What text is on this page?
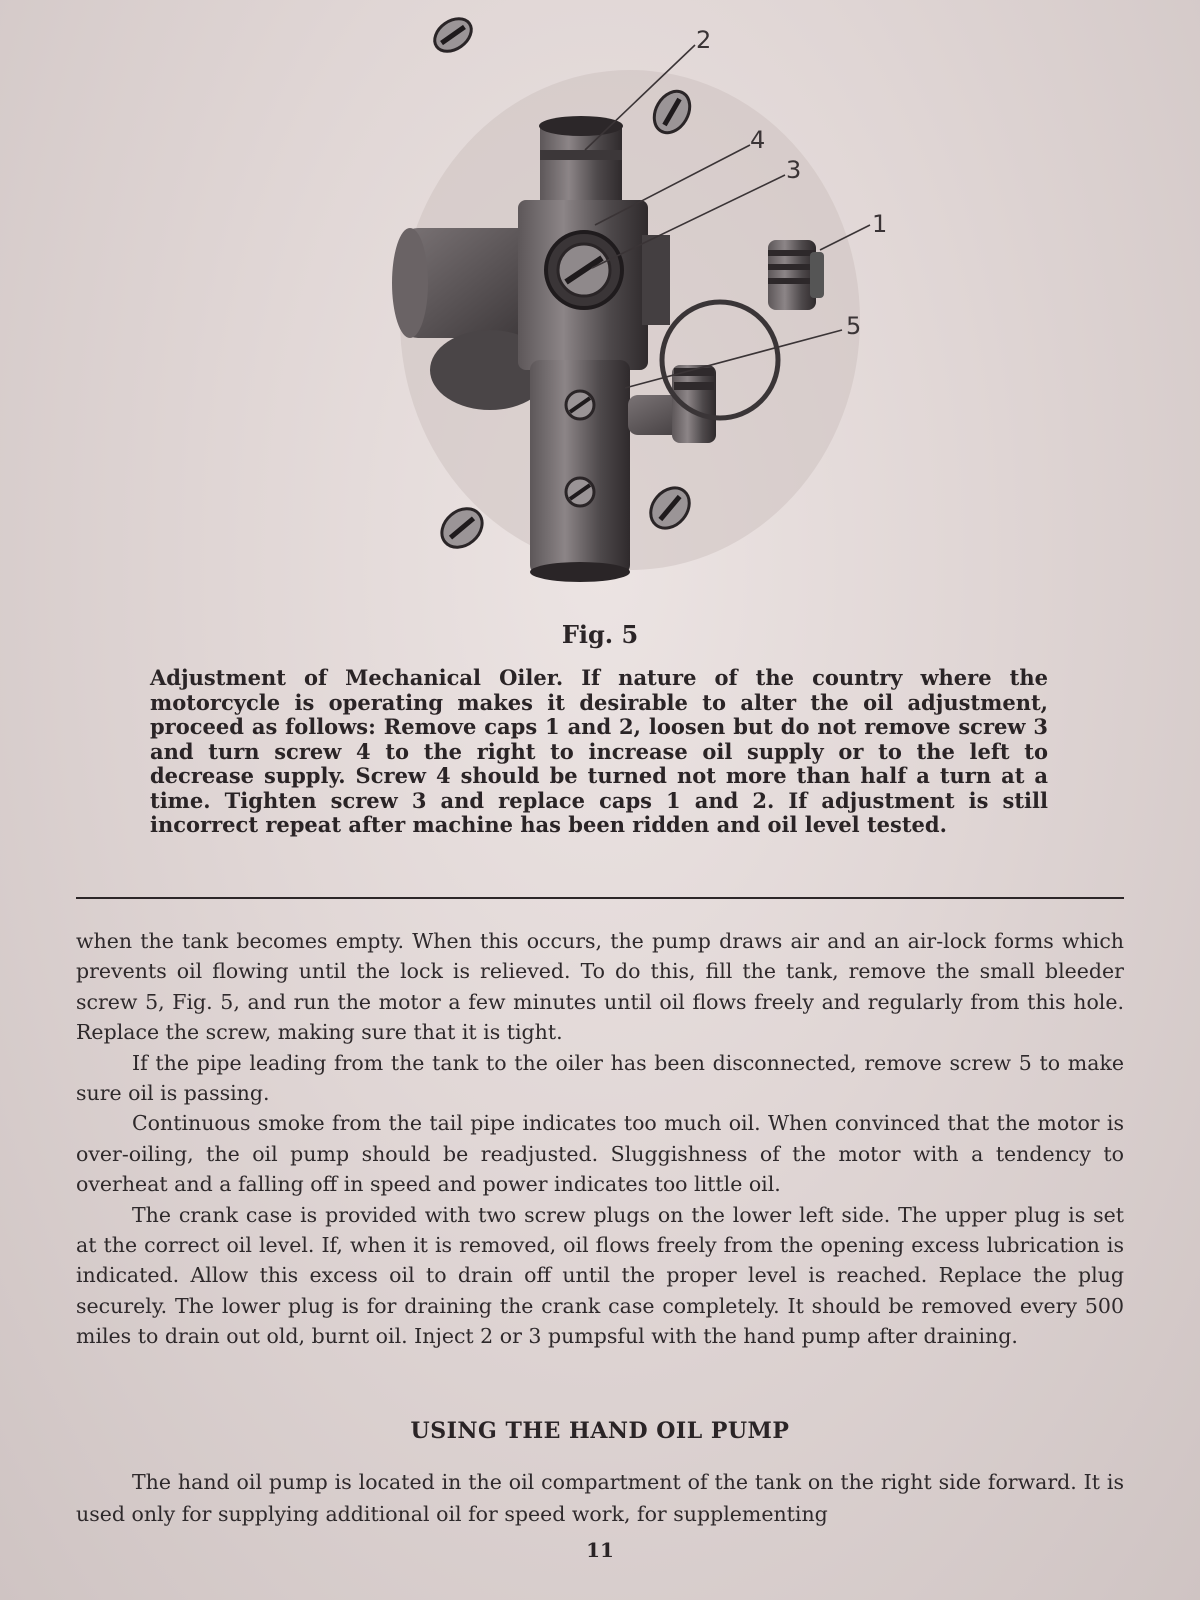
2
4
3
1
5
Fig. 5
Adjustment of Mechanical Oiler. If nature of the country where the motorcycle is operating makes it desirable to alter the oil adjustment, proceed as follows: Remove caps 1 and 2, loosen but do not remove screw 3 and turn screw 4 to the right to increase oil supply or to the left to decrease supply. Screw 4 should be turned not more than half a turn at a time. Tighten screw 3 and replace caps 1 and 2. If adjustment is still incorrect repeat after machine has been ridden and oil level tested.

when the tank becomes empty. When this occurs, the pump draws air and an air-lock forms which prevents oil flowing until the lock is relieved. To do this, fill the tank, remove the small bleeder screw 5, Fig. 5, and run the motor a few minutes until oil flows freely and regularly from this hole. Replace the screw, making sure that it is tight.

If the pipe leading from the tank to the oiler has been disconnected, remove screw 5 to make sure oil is passing.

Continuous smoke from the tail pipe indicates too much oil. When convinced that the motor is over-oiling, the oil pump should be readjusted. Sluggishness of the motor with a tendency to overheat and a falling off in speed and power indicates too little oil.

The crank case is provided with two screw plugs on the lower left side. The upper plug is set at the correct oil level. If, when it is removed, oil flows freely from the opening excess lubrication is indicated. Allow this excess oil to drain off until the proper level is reached. Replace the plug securely. The lower plug is for draining the crank case completely. It should be removed every 500 miles to drain out old, burnt oil. Inject 2 or 3 pumpsful with the hand pump after draining.

USING THE HAND OIL PUMP
The hand oil pump is located in the oil compartment of the tank on the right side forward. It is used only for supplying additional oil for speed work, for supplementing
11
